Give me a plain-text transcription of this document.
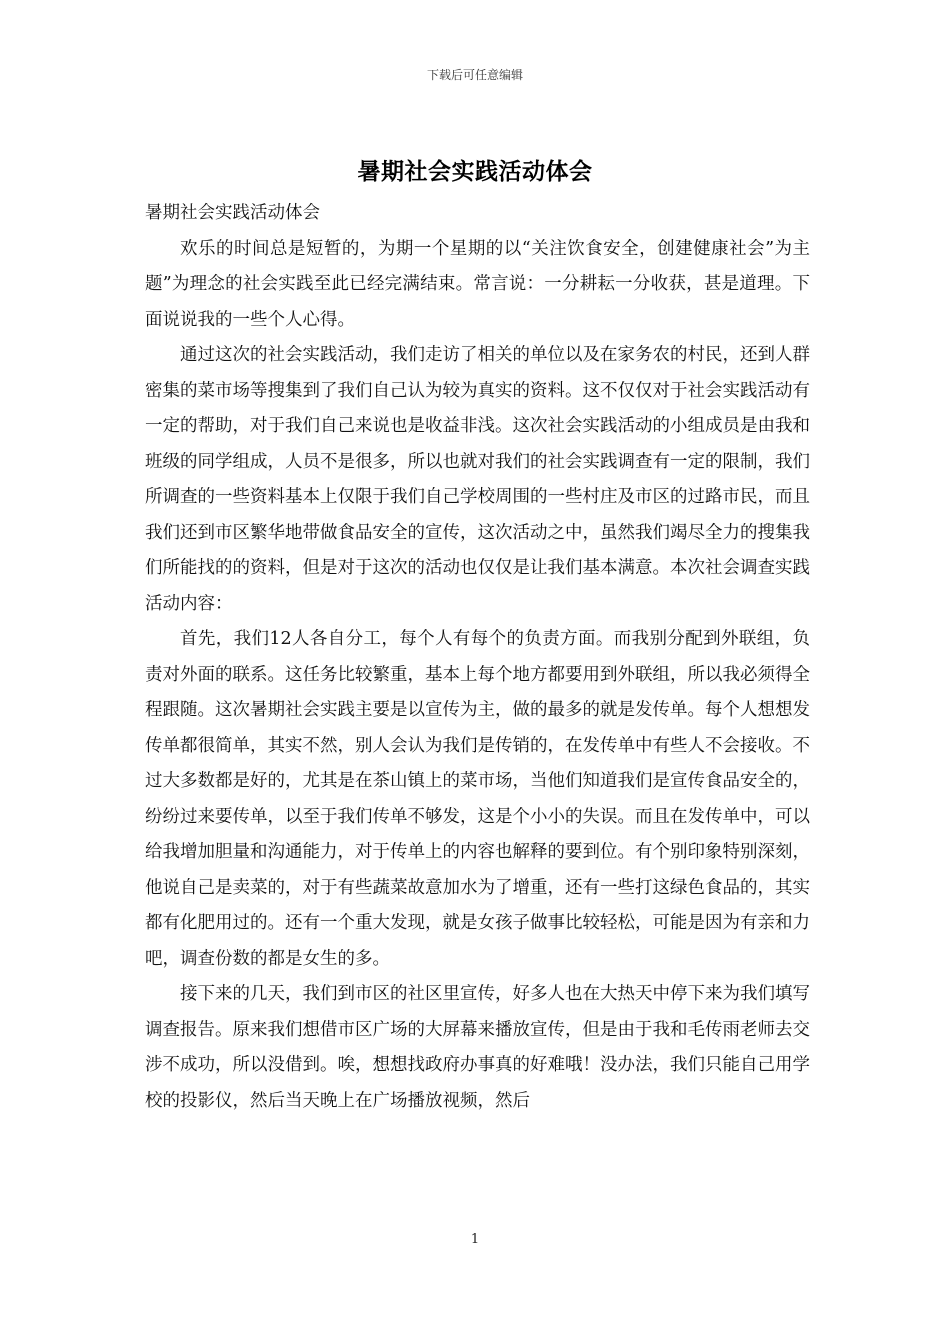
下载后可任意编辑
暑期社会实践活动体会

暑期社会实践活动体会

欢乐的时间总是短暂的，为期一个星期的以“关注饮食安全，创建健康社会”为主题”为理念的社会实践至此已经完满结束。常言说：一分耕耘一分收获，甚是道理。下面说说我的一些个人心得。

通过这次的社会实践活动，我们走访了相关的单位以及在家务农的村民，还到人群密集的菜市场等搜集到了我们自己认为较为真实的资料。这不仅仅对于社会实践活动有一定的帮助，对于我们自己来说也是收益非浅。这次社会实践活动的小组成员是由我和班级的同学组成，人员不是很多，所以也就对我们的社会实践调查有一定的限制，我们所调查的一些资料基本上仅限于我们自己学校周围的一些村庄及市区的过路市民，而且我们还到市区繁华地带做食品安全的宣传，这次活动之中，虽然我们竭尽全力的搜集我们所能找的的资料，但是对于这次的活动也仅仅是让我们基本满意。本次社会调查实践活动内容：

首先，我们12人各自分工，每个人有每个的负责方面。而我别分配到外联组，负责对外面的联系。这任务比较繁重，基本上每个地方都要用到外联组，所以我必须得全程跟随。这次暑期社会实践主要是以宣传为主，做的最多的就是发传单。每个人想想发传单都很简单，其实不然，别人会认为我们是传销的，在发传单中有些人不会接收。不过大多数都是好的，尤其是在茶山镇上的菜市场，当他们知道我们是宣传食品安全的，纷纷过来要传单，以至于我们传单不够发，这是个小小的失误。而且在发传单中，可以给我增加胆量和沟通能力，对于传单上的内容也解释的要到位。有个别印象特别深刻，他说自己是卖菜的，对于有些蔬菜故意加水为了增重，还有一些打这绿色食品的，其实都有化肥用过的。还有一个重大发现，就是女孩子做事比较轻松，可能是因为有亲和力吧，调查份数的都是女生的多。

接下来的几天，我们到市区的社区里宣传，好多人也在大热天中停下来为我们填写调查报告。原来我们想借市区广场的大屏幕来播放宣传，但是由于我和毛传雨老师去交涉不成功，所以没借到。唉，想想找政府办事真的好难哦！没办法，我们只能自己用学校的投影仪，然后当天晚上在广场播放视频，然后

1
